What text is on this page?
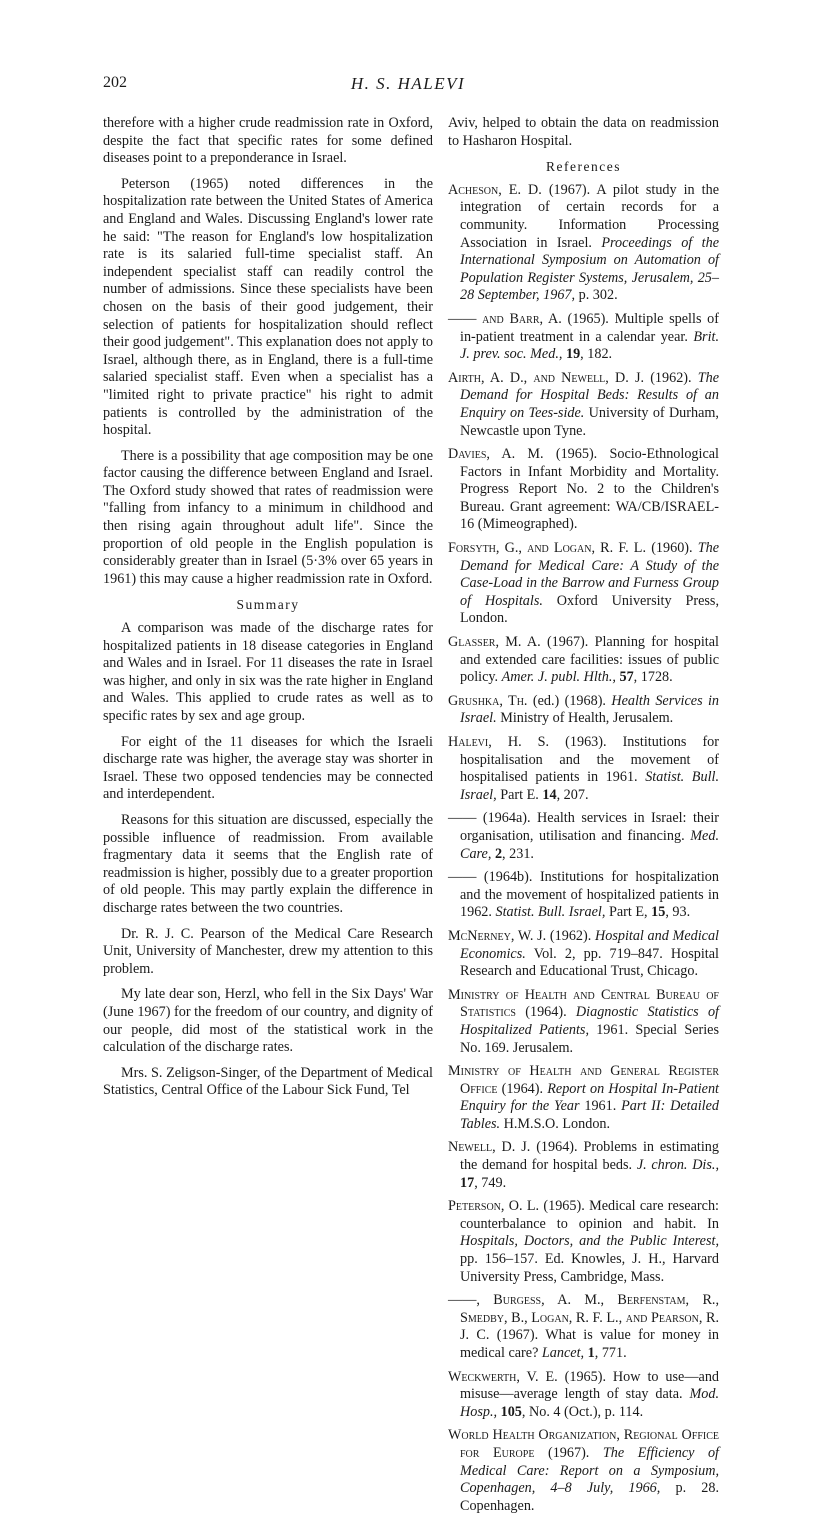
202	H. S. HALEVI

therefore with a higher crude readmission rate in Oxford, despite the fact that specific rates for some defined diseases point to a preponderance in Israel.

Peterson (1965) noted differences in the hospitalization rate between the United States of America and England and Wales. Discussing England's lower rate he said: "The reason for England's low hospitalization rate is its salaried full-time specialist staff. An independent specialist staff can readily control the number of admissions. Since these specialists have been chosen on the basis of their good judgement, their selection of patients for hospitalization should reflect their good judgement". This explanation does not apply to Israel, although there, as in England, there is a full-time salaried specialist staff. Even when a specialist has a "limited right to private practice" his right to admit patients is controlled by the administration of the hospital.

There is a possibility that age composition may be one factor causing the difference between England and Israel. The Oxford study showed that rates of readmission were "falling from infancy to a minimum in childhood and then rising again throughout adult life". Since the proportion of old people in the English population is considerably greater than in Israel (5·3% over 65 years in 1961) this may cause a higher readmission rate in Oxford.

Summary

A comparison was made of the discharge rates for hospitalized patients in 18 disease categories in England and Wales and in Israel. For 11 diseases the rate in Israel was higher, and only in six was the rate higher in England and Wales. This applied to crude rates as well as to specific rates by sex and age group.

For eight of the 11 diseases for which the Israeli discharge rate was higher, the average stay was shorter in Israel. These two opposed tendencies may be connected and interdependent.

Reasons for this situation are discussed, especially the possible influence of readmission. From available fragmentary data it seems that the English rate of readmission is higher, possibly due to a greater proportion of old people. This may partly explain the difference in discharge rates between the two countries.

Dr. R. J. C. Pearson of the Medical Care Research Unit, University of Manchester, drew my attention to this problem.

My late dear son, Herzl, who fell in the Six Days' War (June 1967) for the freedom of our country, and dignity of our people, did most of the statistical work in the calculation of the discharge rates.

Mrs. S. Zeligson-Singer, of the Department of Medical Statistics, Central Office of the Labour Sick Fund, Tel

Aviv, helped to obtain the data on readmission to Hasharon Hospital.

References
Acheson, E. D. (1967). A pilot study in the integration of certain records for a community. Information Processing Association in Israel. Proceedings of the International Symposium on Automation of Population Register Systems, Jerusalem, 25–28 September, 1967, p. 302.
—— and Barr, A. (1965). Multiple spells of in-patient treatment in a calendar year. Brit. J. prev. soc. Med., 19, 182.
Airth, A. D., and Newell, D. J. (1962). The Demand for Hospital Beds: Results of an Enquiry on Tees-side. University of Durham, Newcastle upon Tyne.
Davies, A. M. (1965). Socio-Ethnological Factors in Infant Morbidity and Mortality. Progress Report No. 2 to the Children's Bureau. Grant agreement: WA/CB/ISRAEL-16 (Mimeographed).
Forsyth, G., and Logan, R. F. L. (1960). The Demand for Medical Care: A Study of the Case-Load in the Barrow and Furness Group of Hospitals. Oxford University Press, London.
Glasser, M. A. (1967). Planning for hospital and extended care facilities: issues of public policy. Amer. J. publ. Hlth., 57, 1728.
Grushka, Th. (ed.) (1968). Health Services in Israel. Ministry of Health, Jerusalem.
Halevi, H. S. (1963). Institutions for hospitalisation and the movement of hospitalised patients in 1961. Statist. Bull. Israel, Part E. 14, 207.
—— (1964a). Health services in Israel: their organisation, utilisation and financing. Med. Care, 2, 231.
—— (1964b). Institutions for hospitalization and the movement of hospitalized patients in 1962. Statist. Bull. Israel, Part E, 15, 93.
McNerney, W. J. (1962). Hospital and Medical Economics. Vol. 2, pp. 719–847. Hospital Research and Educational Trust, Chicago.
Ministry of Health and Central Bureau of Statistics (1964). Diagnostic Statistics of Hospitalized Patients, 1961. Special Series No. 169. Jerusalem.
Ministry of Health and General Register Office (1964). Report on Hospital In-Patient Enquiry for the Year 1961. Part II: Detailed Tables. H.M.S.O. London.
Newell, D. J. (1964). Problems in estimating the demand for hospital beds. J. chron. Dis., 17, 749.
Peterson, O. L. (1965). Medical care research: counterbalance to opinion and habit. In Hospitals, Doctors, and the Public Interest, pp. 156–157. Ed. Knowles, J. H., Harvard University Press, Cambridge, Mass.
——, Burgess, A. M., Berfenstam, R., Smedby, B., Logan, R. F. L., and Pearson, R. J. C. (1967). What is value for money in medical care? Lancet, 1, 771.
Weckwerth, V. E. (1965). How to use—and misuse—average length of stay data. Mod. Hosp., 105, No. 4 (Oct.), p. 114.
World Health Organization, Regional Office for Europe (1967). The Efficiency of Medical Care: Report on a Symposium, Copenhagen, 4–8 July, 1966, p. 28. Copenhagen.
